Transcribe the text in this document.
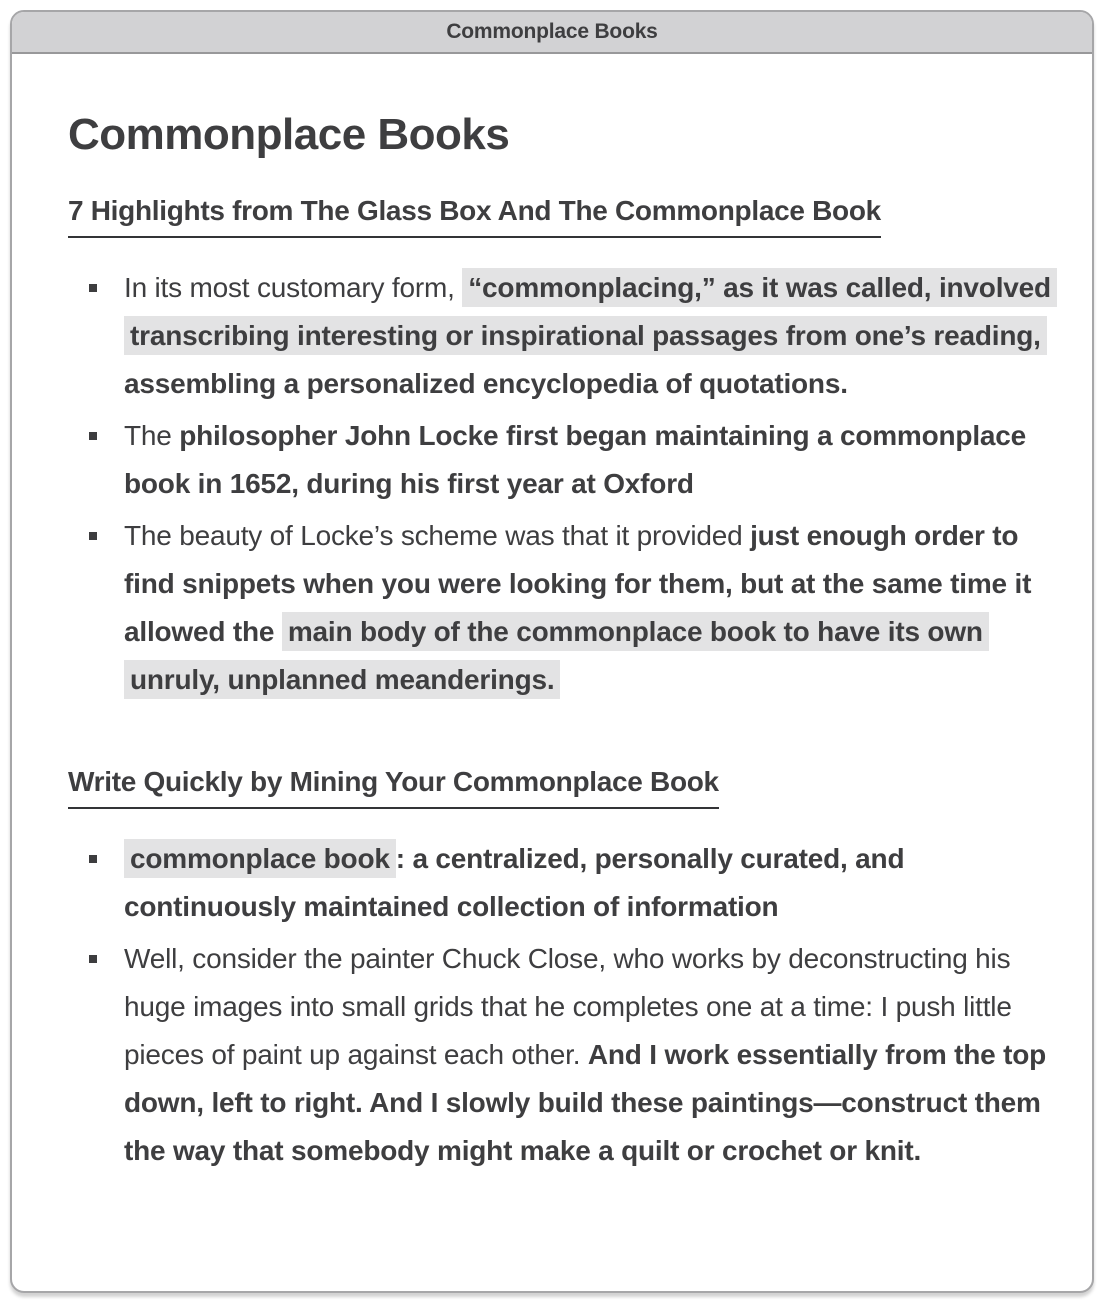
Commonplace Books
Commonplace Books
7 Highlights from The Glass Box And The Commonplace Book
In its most customary form, “commonplacing,” as it was called, involved transcribing interesting or inspirational passages from one’s reading, assembling a personalized encyclopedia of quotations.
The philosopher John Locke first began maintaining a commonplace book in 1652, during his first year at Oxford
The beauty of Locke’s scheme was that it provided just enough order to find snippets when you were looking for them, but at the same time it allowed the main body of the commonplace book to have its own unruly, unplanned meanderings.
Write Quickly by Mining Your Commonplace Book
commonplace book : a centralized, personally curated, and continuously maintained collection of information
Well, consider the painter Chuck Close, who works by deconstructing his huge images into small grids that he completes one at a time: I push little pieces of paint up against each other. And I work essentially from the top down, left to right. And I slowly build these paintings—construct them the way that somebody might make a quilt or crochet or knit.
